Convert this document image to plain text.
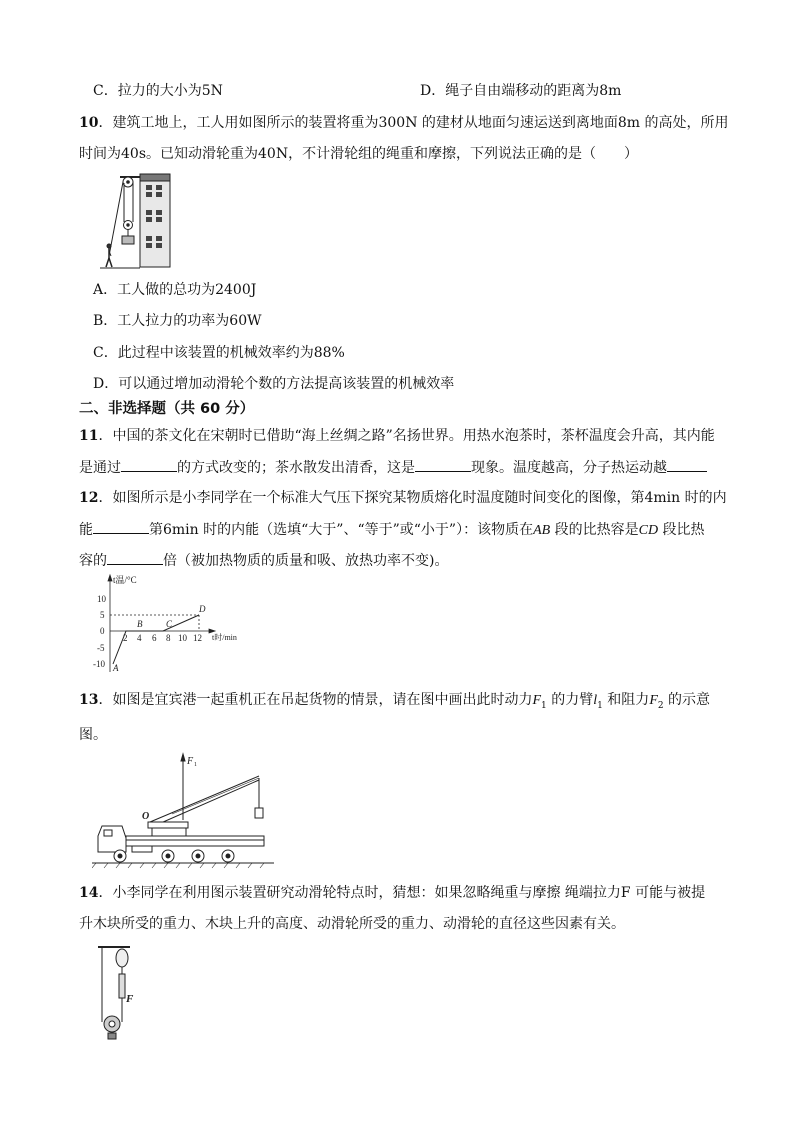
C．拉力的大小为5N	D．绳子自由端移动的距离为8m
10．建筑工地上，工人用如图所示的装置将重为300N 的建材从地面匀速运送到离地面8m 的高处，所用
时间为40s。已知动滑轮重为40N，不计滑轮组的绳重和摩擦，下列说法正确的是（　　）
A．工人做的总功为2400J
B．工人拉力的功率为60W
C．此过程中该装置的机械效率约为88%
D．可以通过增加动滑轮个数的方法提高该装置的机械效率
二、非选择题（共 60 分）
11．中国的茶文化在宋朝时已借助“海上丝绸之路”名扬世界。用热水泡茶时，茶杯温度会升高，其内能
是通过	的方式改变的；茶水散发出清香，这是	现象。温度越高，分子热运动越
12．如图所示是小李同学在一个标准大气压下探究某物质熔化时温度随时间变化的图像，第4min 时的内
能	第6min 时的内能（选填“大于”、“等于”或“小于”）：该物质在AB 段的比热容是CD 段比热
容的	倍（被加热物质的质量和吸、放热功率不变)。
t温/°C
t时/min
10
5
0
-5
-10
2 4 6 8 10 12
A
B	C
D
13．如图是宜宾港一起重机正在吊起货物的情景，请在图中画出此时动力$F_1$ 的力臂$l_1$ 和阻力$F_2$ 的示意
图。
F 1
O
14．小李同学在利用图示装置研究动滑轮特点时，猜想：如果忽略绳重与摩擦 绳端拉力F 可能与被提
升木块所受的重力、木块上升的高度、动滑轮所受的重力、动滑轮的直径这些因素有关。
F
